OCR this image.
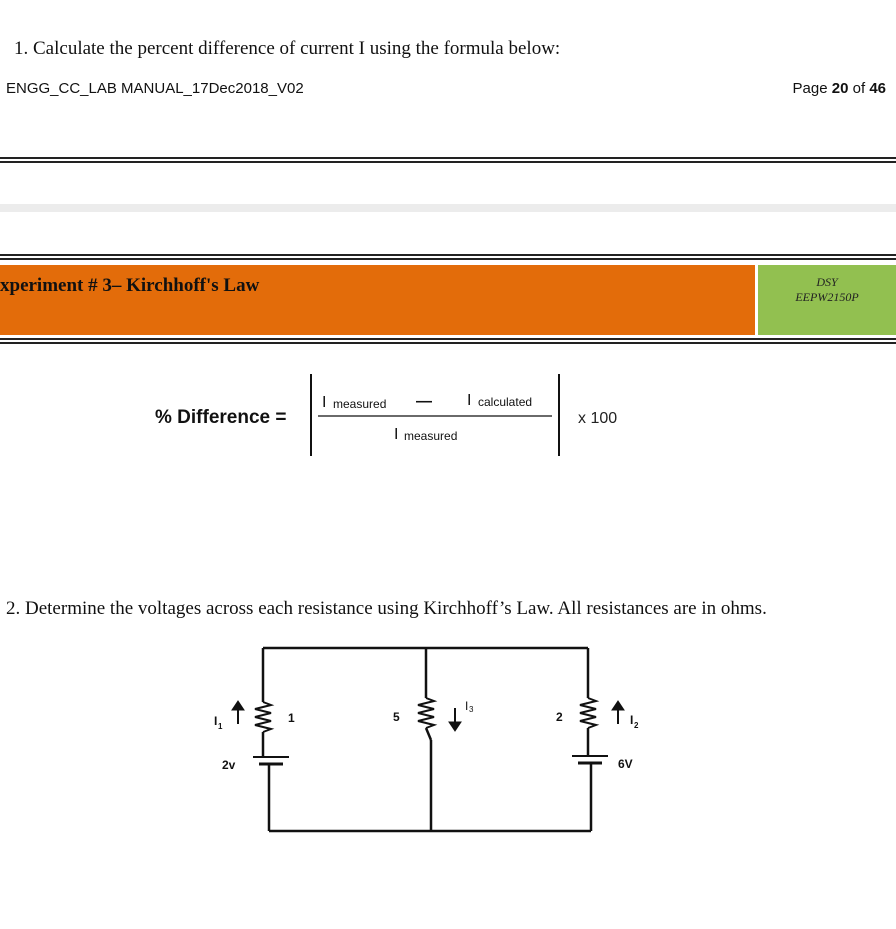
1. Calculate the percent difference of current I using the formula below:
ENGG_CC_LAB MANUAL_17Dec2018_V02	Page 20 of 46
xperiment # 3– Kirchhoff's Law	DSY
EEPW2150P
% Difference =
I measured — I calculated
I measured
x 100
2. Determine the voltages across each resistance using Kirchhoff’s Law. All resistances are in ohms.
I 1
1
2v
5
I 3
2	I 2
6V
